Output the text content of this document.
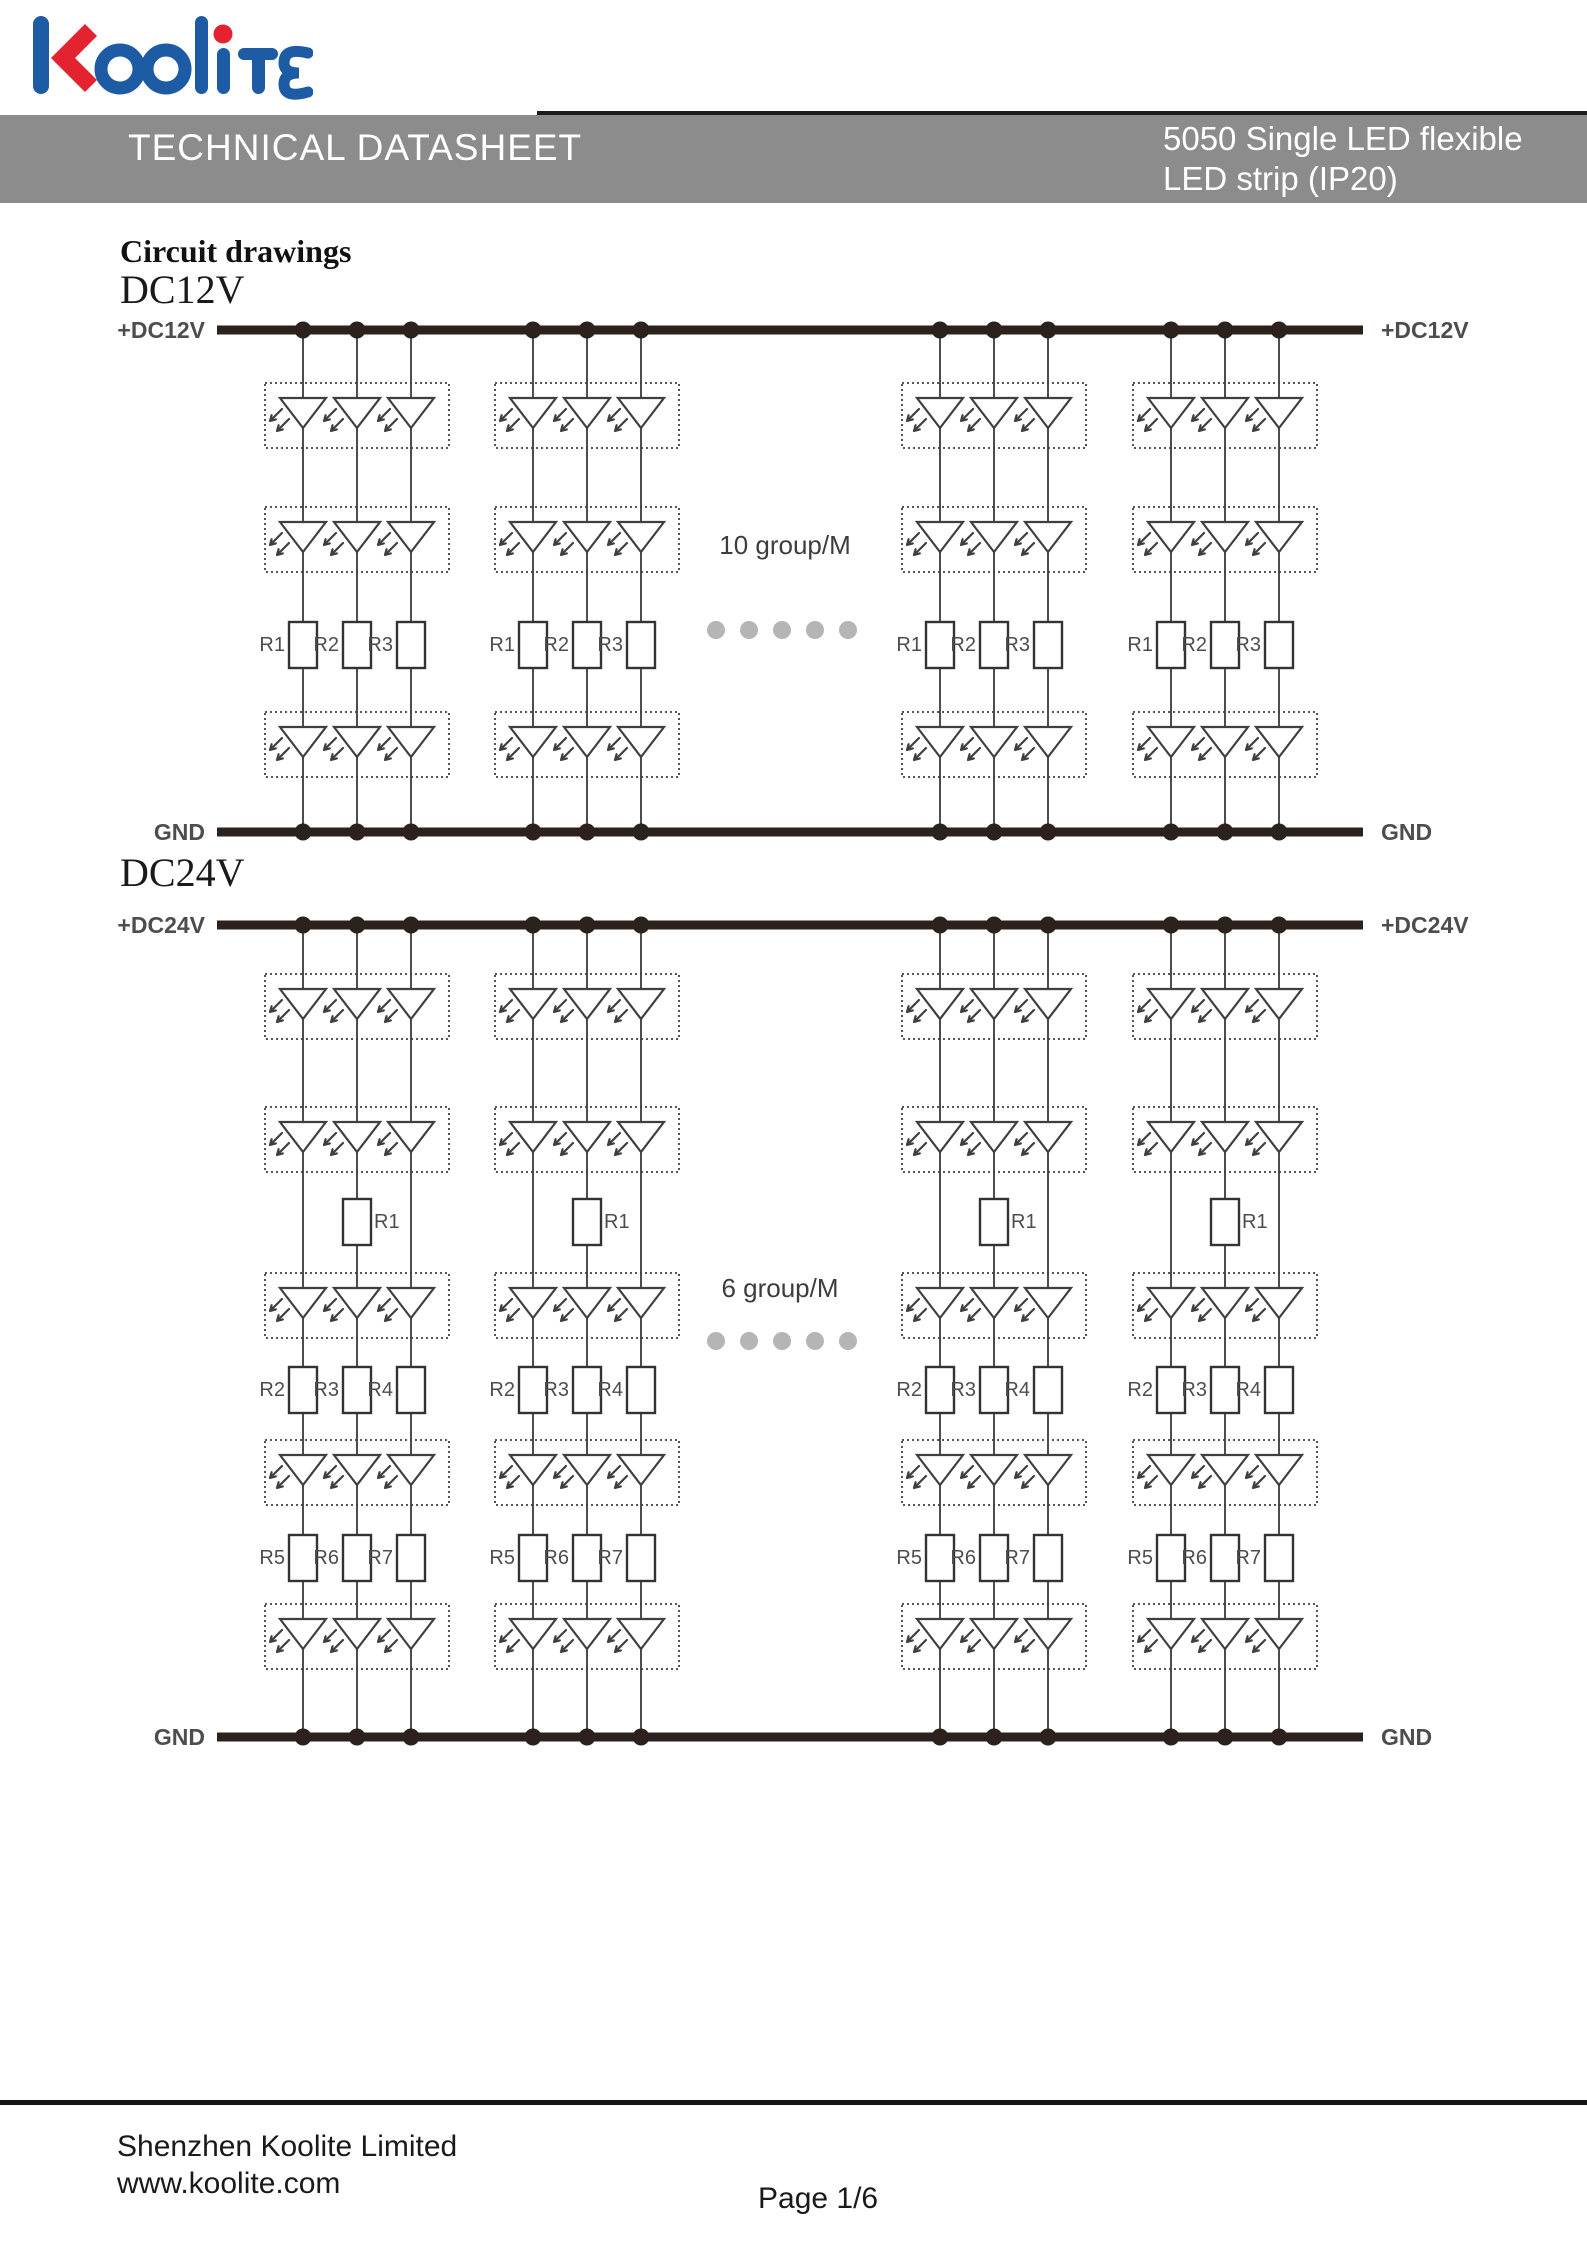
TECHNICAL DATASHEET	5050 Single LED flexible
LED strip (IP20)
Circuit drawings
DC12V
DC24V
+DC12V	+DC12V
GND	GND
10 group/M
R1 R2 R3	R1 R2 R3	R1 R2 R3	R1 R2 R3
+DC24V	+DC24V
GND	GND
6 group/M
R1
R2 R3 R4
R5 R6 R7
R1
R2 R3 R4
R5 R6 R7
R1
R2 R3 R4
R5 R6 R7
R1
R2 R3 R4
R5 R6 R7
Shenzhen Koolite Limited
www.koolite.com	Page 1/6
